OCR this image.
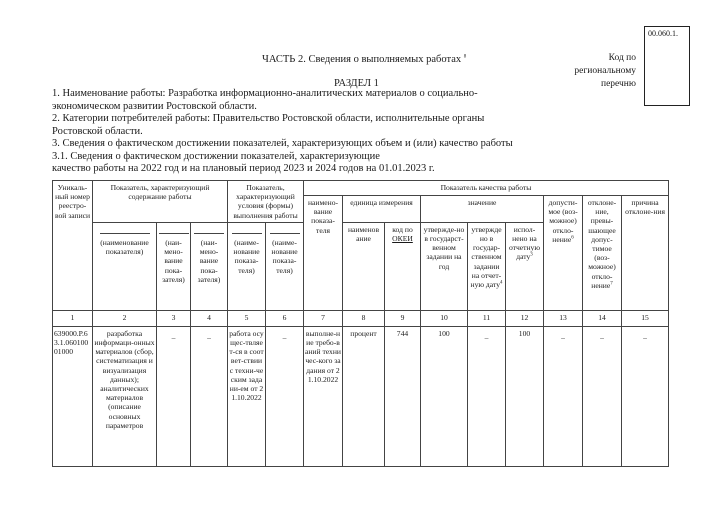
ЧАСТЬ 2. Сведения о выполняемых работах $^8$
РАЗДЕЛ 1
Код по
региональному
перечню
00.060.1.

1. Наименование работы: Разработка информационно-аналитических материалов о социально-экономическом развитии Ростовской области.

2. Категории потребителей работы: Правительство Ростовской области, исполнительные органы Ростовской области.

3. Сведения о фактическом достижении показателей, характеризующих объем и (или) качество работы

3.1. Сведения о фактическом достижении показателей, характеризующие

качество работы на 2022 год и на плановый период 2023 и 2024 годов на 01.01.2023 г.

Уникаль-ный номер реестро-вой записи	Показатель, характеризующий содержание работы			Показатель, характеризующий условия (формы) выполнения работы		Показатель качества работы								
						наимено-вание показа-теля	единица измерения		значение			допусти-мое (воз-можное) откло-нение$^6$	отклоне-ние, превы-шающее допус-тимое (воз-можное) откло-нение$^7$	причина отклоне-ния

(наименование показателя)	(наи-мено-вание пока-зателя)	(наи-мено-вание пока-зателя)	(наиме-нование показа-теля)	(наиме-нование показа-теля)		наименов ание	код по ОКЕИ	утвержде-но в государст-венном задании на год	утвержде но в государ-ственном задании на отчет-ную дату$^4$	испол-нено на отчетную дату$^3$
1	2	3	4	5	6	7	8	9	10	11	12	13	14	15
639000.Р.63.1.06010001000	разработка информаци-онных материалов (сбор, систематизация и визуализация данных); аналитических материалов (описание основных параметров	–	–	работа осущес-твляет-ся в соответ-ствии с техни-ческим задани-ем от 21.10.2022	–	выполне-ние требо-ваний техничес-кого задания от 21.10.2022	процент	744	100	–	100	–	–	–
